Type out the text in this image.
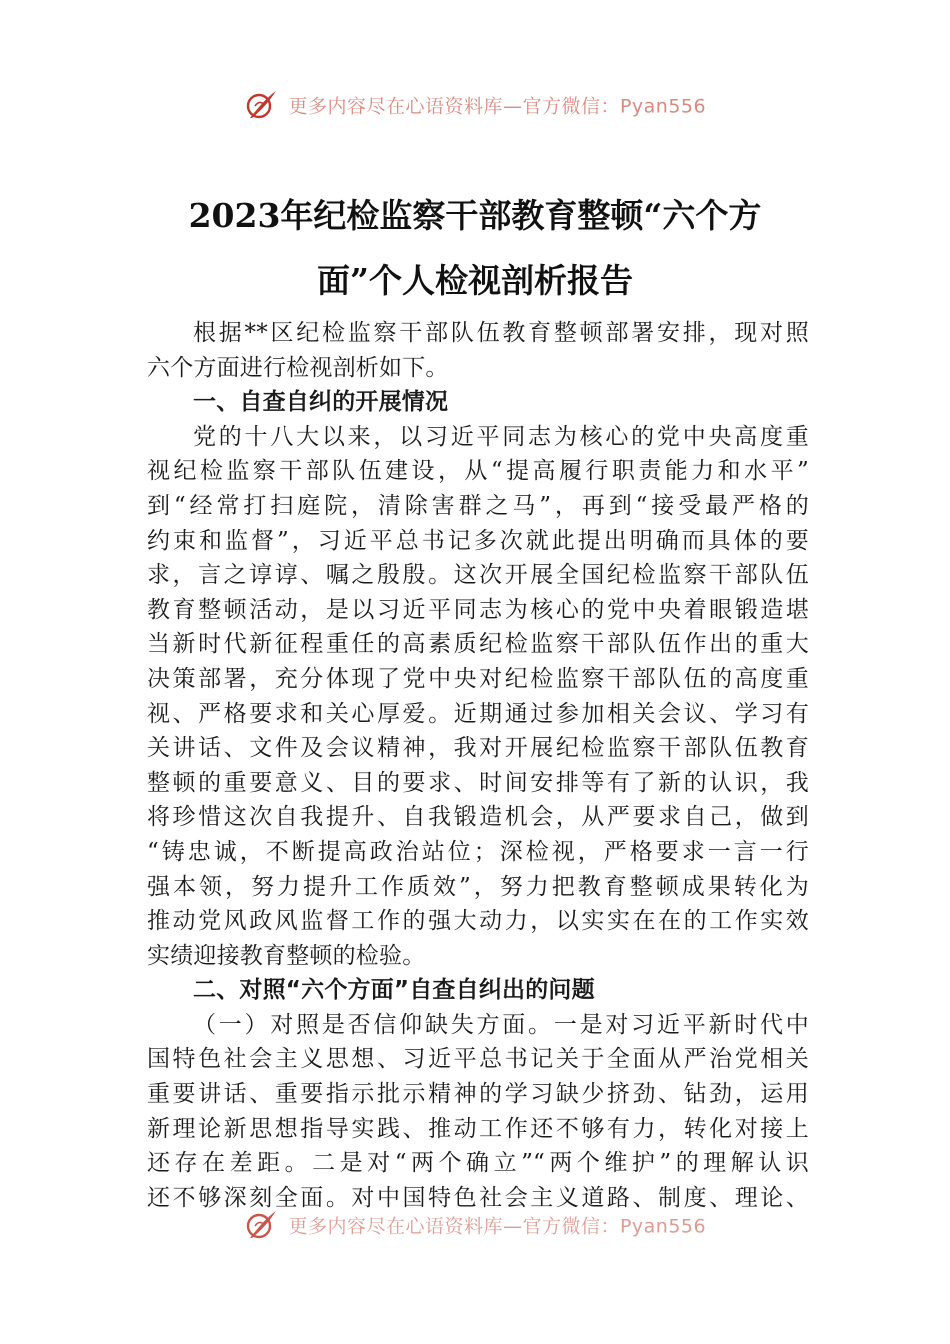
更多内容尽在心语资料库—官方微信：Pyan556
2023年纪检监察干部教育整顿“六个方
面”个人检视剖析报告
根据**区纪检监察干部队伍教育整顿部署安排，现对照
六个方面进行检视剖析如下。
一、自查自纠的开展情况
党的十八大以来，以习近平同志为核心的党中央高度重
视纪检监察干部队伍建设，从“提高履行职责能力和水平”
到“经常打扫庭院，清除害群之马”，再到“接受最严格的
约束和监督”，习近平总书记多次就此提出明确而具体的要
求，言之谆谆、嘱之殷殷。这次开展全国纪检监察干部队伍
教育整顿活动，是以习近平同志为核心的党中央着眼锻造堪
当新时代新征程重任的高素质纪检监察干部队伍作出的重大
决策部署，充分体现了党中央对纪检监察干部队伍的高度重
视、严格要求和关心厚爱。近期通过参加相关会议、学习有
关讲话、文件及会议精神，我对开展纪检监察干部队伍教育
整顿的重要意义、目的要求、时间安排等有了新的认识，我
将珍惜这次自我提升、自我锻造机会，从严要求自己，做到
“铸忠诚，不断提高政治站位；深检视，严格要求一言一行
强本领，努力提升工作质效”，努力把教育整顿成果转化为
推动党风政风监督工作的强大动力，以实实在在的工作实效
实绩迎接教育整顿的检验。
二、对照“六个方面”自查自纠出的问题
（一）对照是否信仰缺失方面。一是对习近平新时代中
国特色社会主义思想、习近平总书记关于全面从严治党相关
重要讲话、重要指示批示精神的学习缺少挤劲、钻劲，运用
新理论新思想指导实践、推动工作还不够有力，转化对接上
还存在差距。二是对“两个确立”“两个维护”的理解认识
还不够深刻全面。对中国特色社会主义道路、制度、理论、
更多内容尽在心语资料库—官方微信：Pyan556
